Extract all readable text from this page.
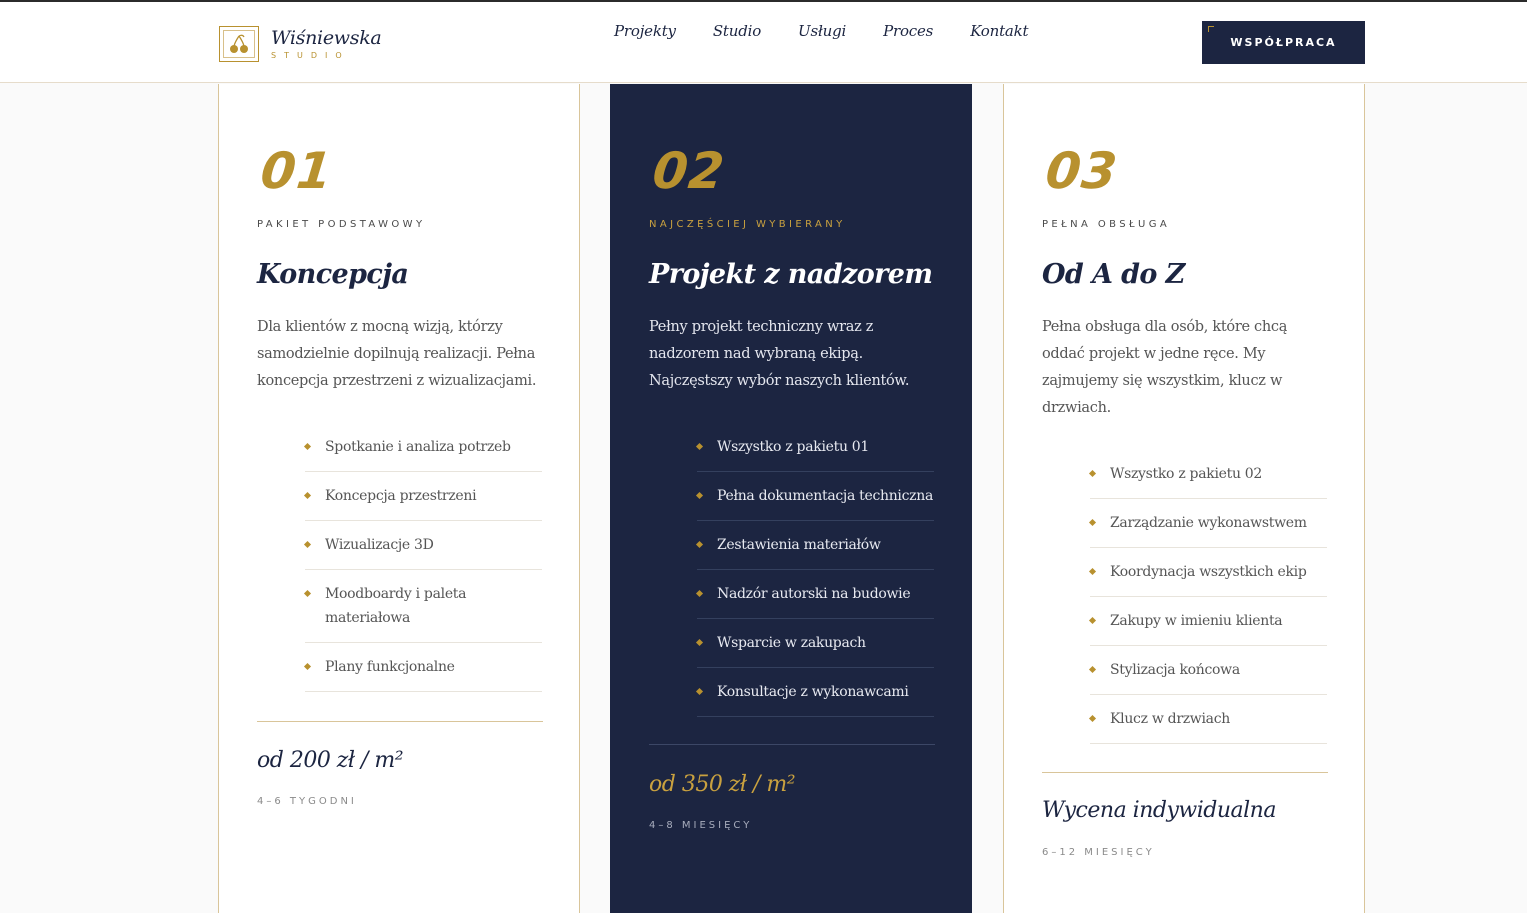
Wiśniewska
STUDIO
Projekty Studio Usługi Proces Kontakt
WSPÓŁPRACA
01
PAKIET PODSTAWOWY
Koncepcja

Dla klientów z mocną wizją, którzy samodzielnie dopilnują realizacji. Pełna koncepcja przestrzeni z wizualizacjami.

Spotkanie i analiza potrzeb
Koncepcja przestrzeni
Wizualizacje 3D
Moodboardy i paleta materiałowa
Plany funkcjonalne
od 200 zł / m²
4–6 TYGODNI
02
NAJCZĘŚCIEJ WYBIERANY
Projekt z nadzorem

Pełny projekt techniczny wraz z nadzorem nad wybraną ekipą. Najczęstszy wybór naszych klientów.

Wszystko z pakietu 01
Pełna dokumentacja techniczna
Zestawienia materiałów
Nadzór autorski na budowie
Wsparcie w zakupach
Konsultacje z wykonawcami
od 350 zł / m²
4–8 MIESIĘCY
03
PEŁNA OBSŁUGA
Od A do Z

Pełna obsługa dla osób, które chcą oddać projekt w jedne ręce. My zajmujemy się wszystkim, klucz w drzwiach.

Wszystko z pakietu 02
Zarządzanie wykonawstwem
Koordynacja wszystkich ekip
Zakupy w imieniu klienta
Stylizacja końcowa
Klucz w drzwiach
Wycena indywidualna
6–12 MIESIĘCY
